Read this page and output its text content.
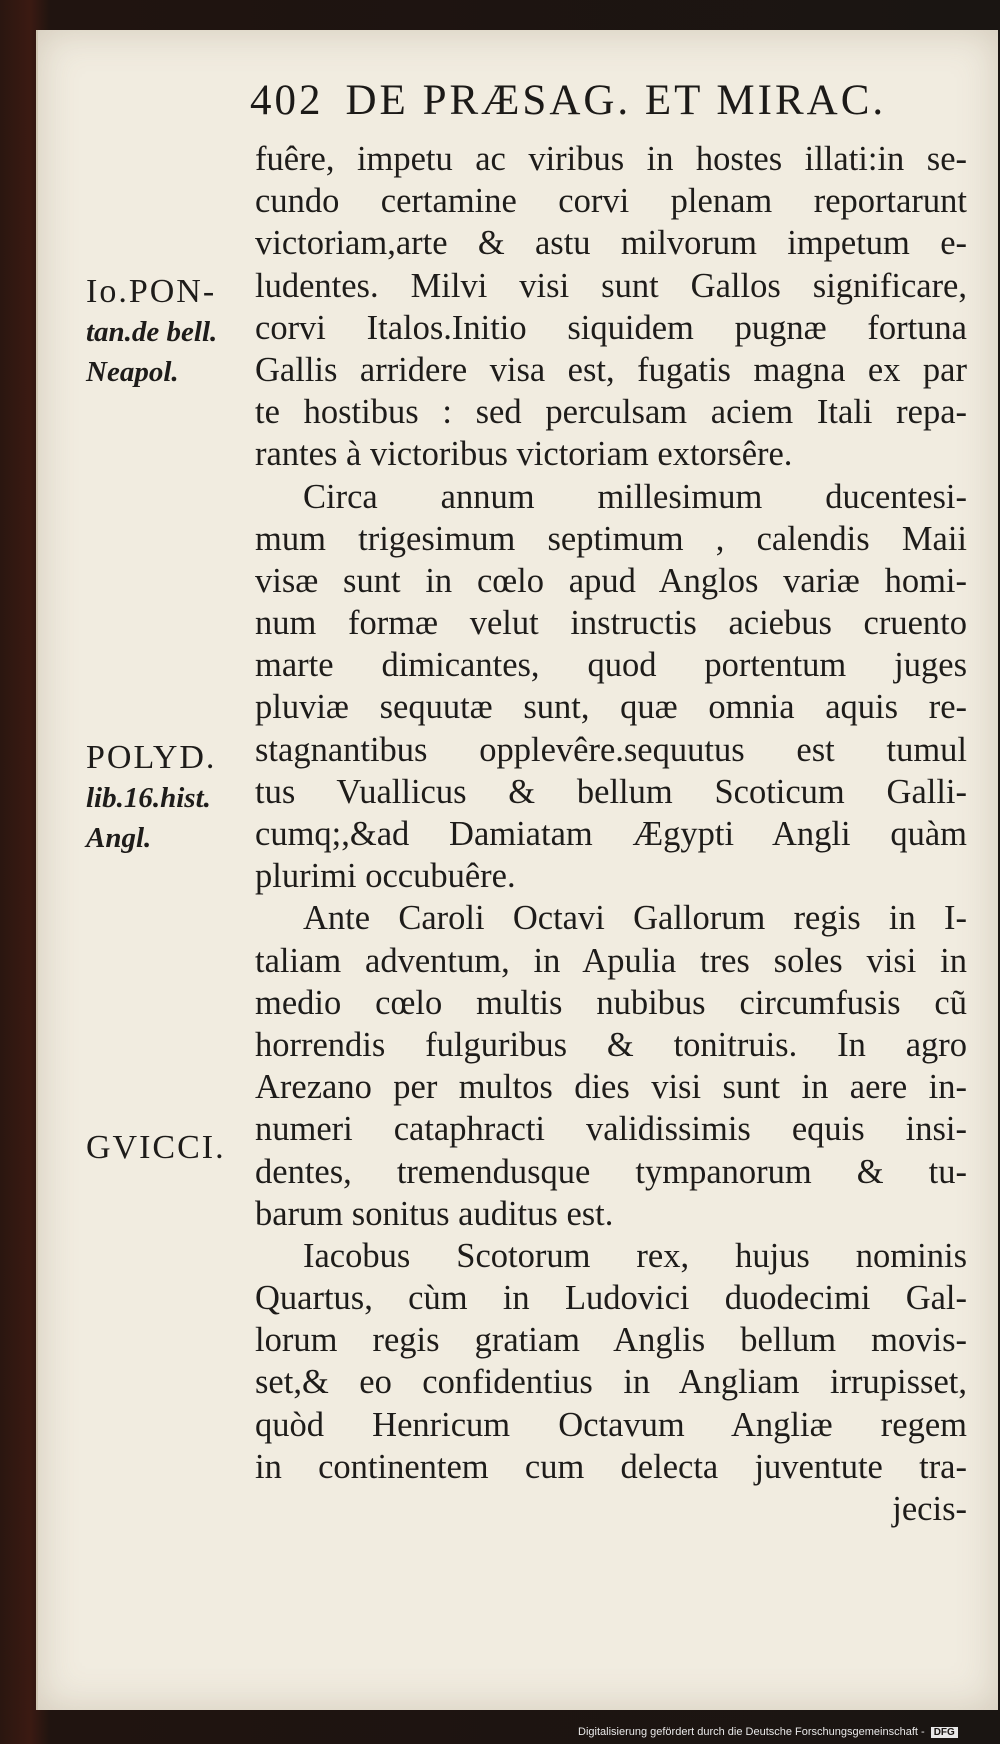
402 DE PRÆSAG. ET MIRAC.
Io.PON-
tan.de bell.
Neapol.
POLYD.
lib.16.hist.
Angl.
GVICCI.
fuêre, impetu ac viribus in hostes illati:in se-
cundo certamine corvi plenam reportarunt
victoriam,arte & astu milvorum impetum e-
ludentes. Milvi visi sunt Gallos significare,
corvi Italos.Initio siquidem pugnæ fortuna
Gallis arridere visa est, fugatis magna ex par
te hostibus : sed perculsam aciem Itali repa-
rantes à victoribus victoriam extorsêre.
Circa annum millesimum ducentesi-
mum trigesimum septimum , calendis Maii
visæ sunt in cœlo apud Anglos variæ homi-
num formæ velut instructis aciebus cruento
marte dimicantes, quod portentum juges
pluviæ sequutæ sunt, quæ omnia aquis re-
stagnantibus opplevêre.sequutus est tumul
tus Vuallicus & bellum Scoticum Galli-
cumq;,&ad Damiatam Ægypti Angli quàm
plurimi occubuêre.
Ante Caroli Octavi Gallorum regis in I-
taliam adventum, in Apulia tres soles visi in
medio cœlo multis nubibus circumfusis cũ
horrendis fulguribus & tonitruis. In agro
Arezano per multos dies visi sunt in aere in-
numeri cataphracti validissimis equis insi-
dentes, tremendusque tympanorum & tu-
barum sonitus auditus est.
Iacobus Scotorum rex, hujus nominis
Quartus, cùm in Ludovici duodecimi Gal-
lorum regis gratiam Anglis bellum movis-
set,& eo confidentius in Angliam irrupisset,
quòd Henricum Octavum Angliæ regem
in continentem cum delecta juventute tra-
jecis-
Digitalisierung gefördert durch die Deutsche Forschungsgemeinschaft - DFG
